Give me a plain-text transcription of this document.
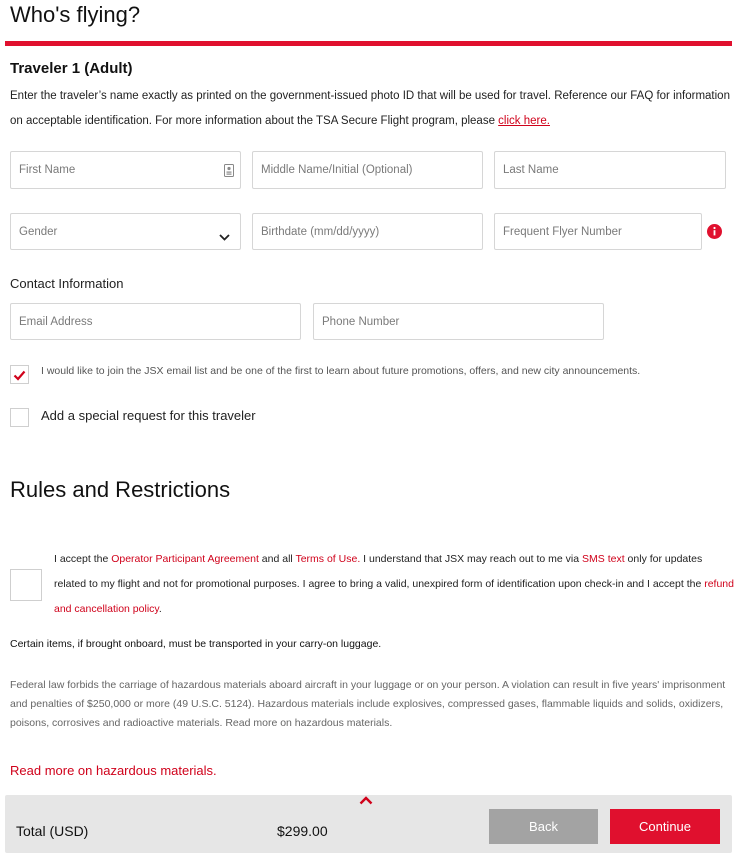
Who's flying?
Traveler 1 (Adult)
Enter the traveler’s name exactly as printed on the government-issued photo ID that will be used for travel. Reference our FAQ for information on acceptable identification. For more information about the TSA Secure Flight program, please click here.
First Name	Middle Name/Initial (Optional)	Last Name
Gender	Birthdate (mm/dd/yyyy)	Frequent Flyer Number
Contact Information
Email Address	Phone Number
I would like to join the JSX email list and be one of the first to learn about future promotions, offers, and new city announcements.
Add a special request for this traveler
Rules and Restrictions
I accept the Operator Participant Agreement and all Terms of Use. I understand that JSX may reach out to me via SMS text only for updates related to my flight and not for promotional purposes. I agree to bring a valid, unexpired form of identification upon check-in and I accept the refund and cancellation policy.
Certain items, if brought onboard, must be transported in your carry-on luggage.
Federal law forbids the carriage of hazardous materials aboard aircraft in your luggage or on your person. A violation can result in five years' imprisonment and penalties of $250,000 or more (49 U.S.C. 5124). Hazardous materials include explosives, compressed gases, flammable liquids and solids, oxidizers, poisons, corrosives and radioactive materials. Read more on hazardous materials.
Read more on hazardous materials.
Total (USD)	$299.00	Back	Continue
